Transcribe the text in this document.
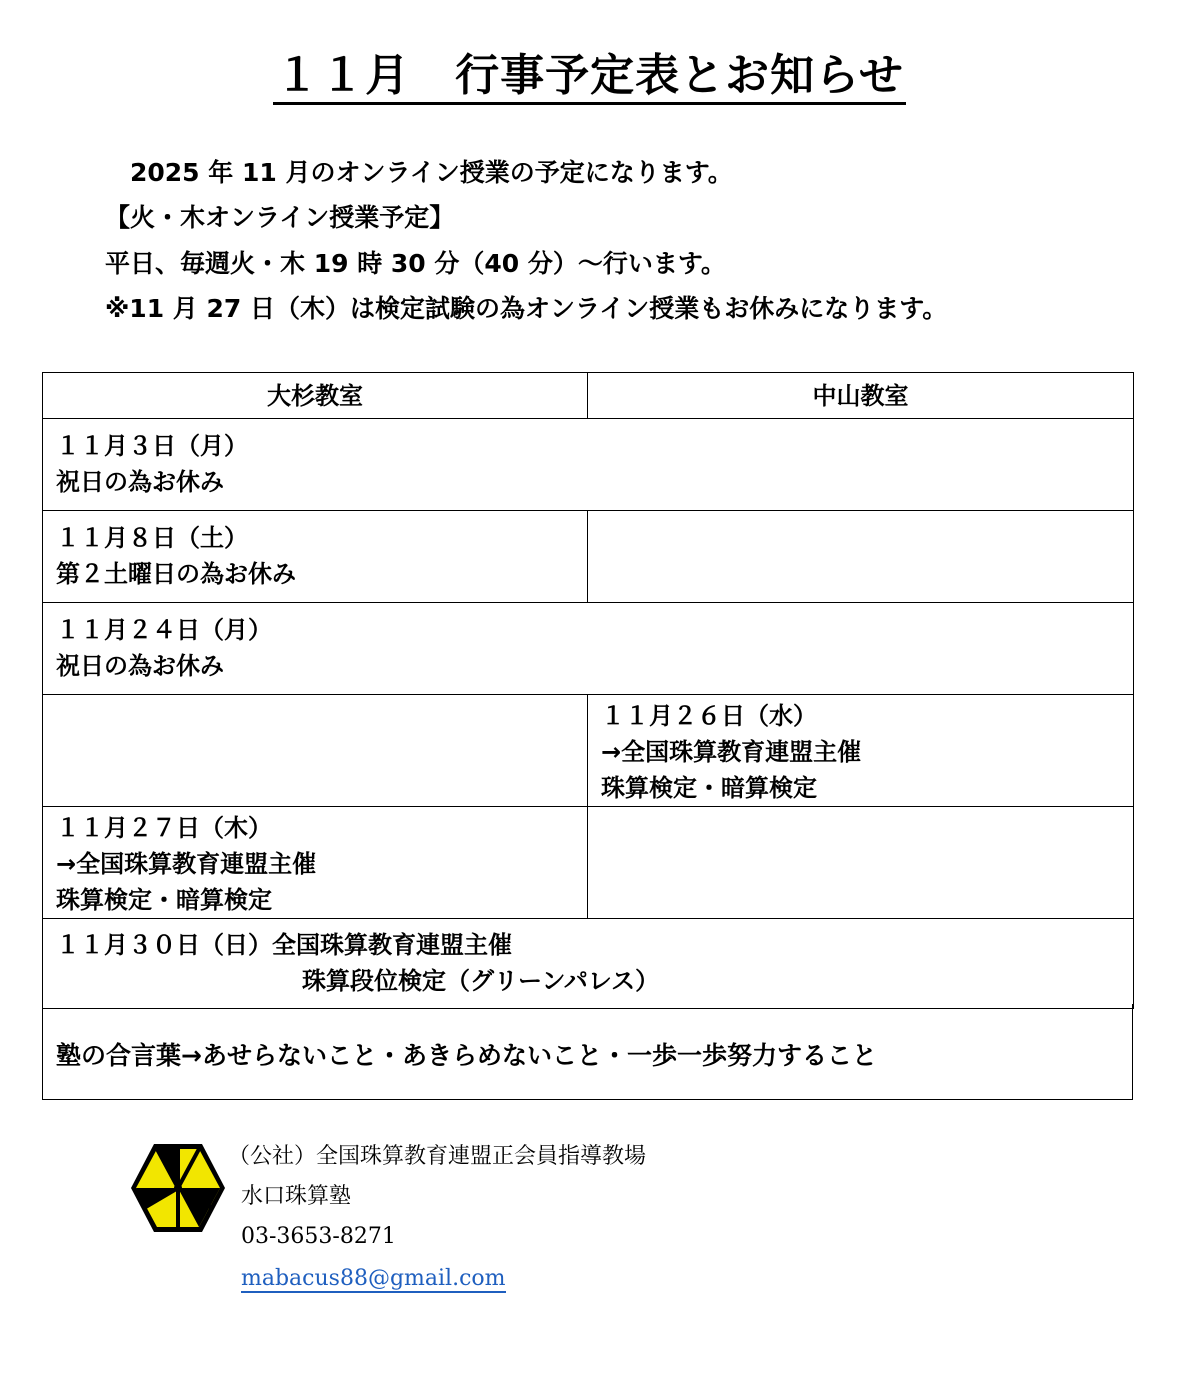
１１月　行事予定表とお知らせ
2025 年 11 月のオンライン授業の予定になります。
【火・木オンライン授業予定】
平日、毎週火・木 19 時 30 分（40 分）～行います。
※11 月 27 日（木）は検定試験の為オンライン授業もお休みになります。
大杉教室	中山教室

１１月３日（月）
祝日の為お休み	

１１月８日（土）
第２土曜日の為お休み	

１１月２４日（月）
祝日の為お休み	

	１１月２６日（水）
→全国珠算教育連盟主催
珠算検定・暗算検定

１１月２７日（木）
→全国珠算教育連盟主催
珠算検定・暗算検定	

１１月３０日（日）全国珠算教育連盟主催
珠算段位検定（グリーンパレス）	
塾の合言葉→あせらないこと・あきらめないこと・一歩一歩努力すること
（公社）全国珠算教育連盟正会員指導教場
水口珠算塾
03-3653-8271
mabacus88@gmail.com
